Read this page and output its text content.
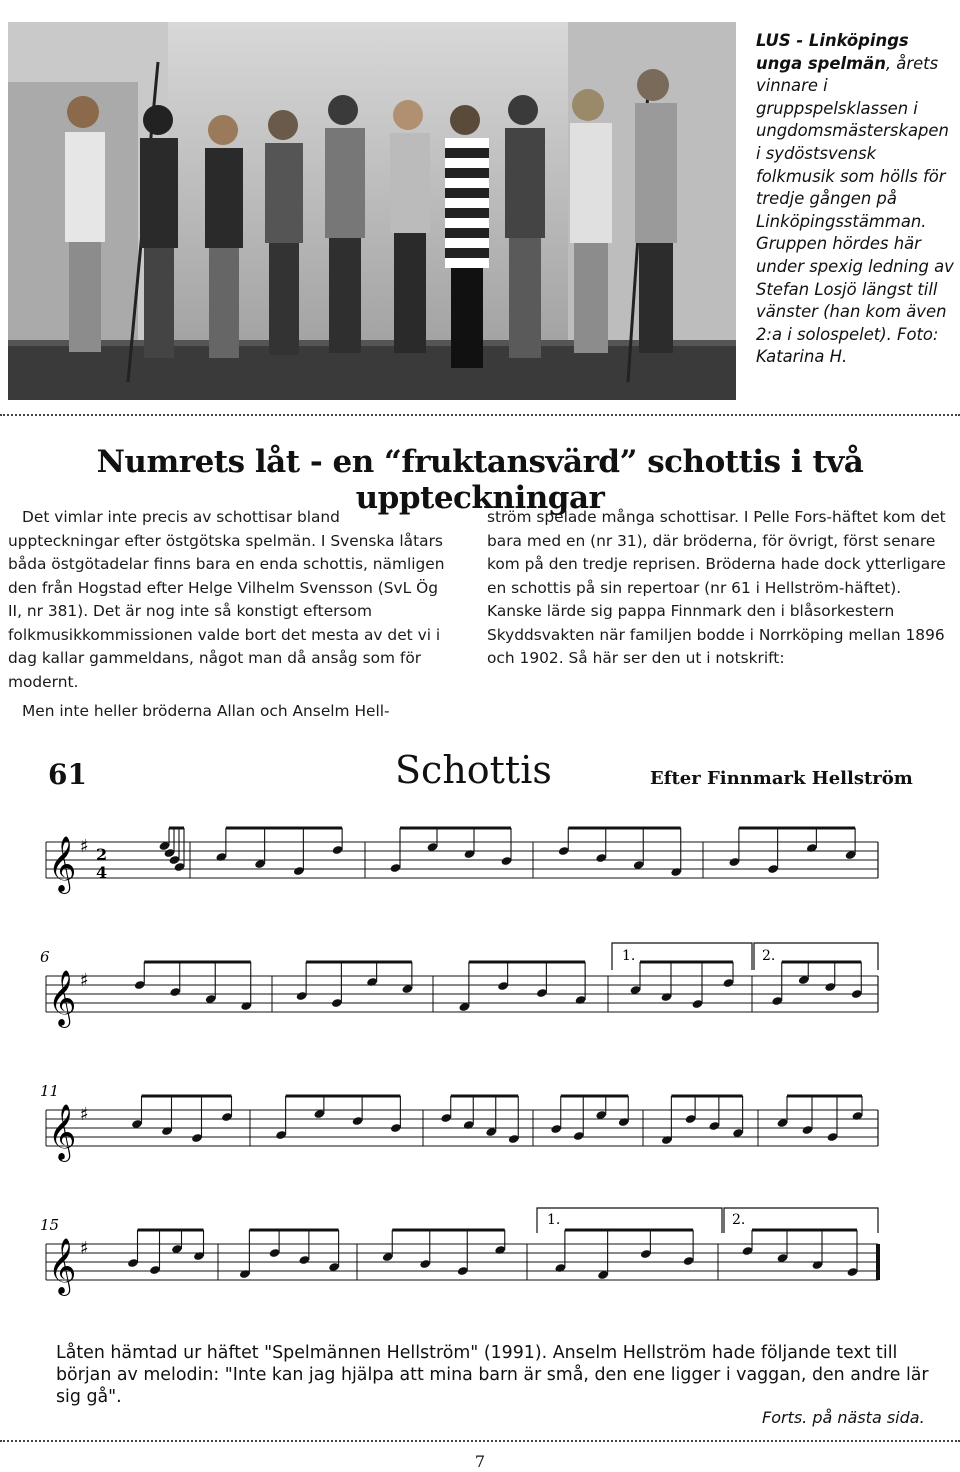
LUS - Linköpings unga spelmän, årets vinnare i gruppspelsklassen i ungdomsmästerskapen i sydöstsvensk folkmusik som hölls för tredje gången på Linköpingsstämman. Gruppen hördes här under spexig ledning av Stefan Losjö längst till vänster (han kom även 2:a i solospelet). Foto: Katarina H.
Numrets låt - en “fruktansvärd” schottis i två uppteckningar

Det vimlar inte precis av schottisar bland uppteckningar efter östgötska spelmän. I Svenska låtars båda östgötadelar finns bara en enda schottis, nämligen den från Hogstad efter Helge Vilhelm Svensson (SvL Ög II, nr 381). Det är nog inte så konstigt eftersom folkmusikkommissionen valde bort det mesta av det vi i dag kallar gammeldans, något man då ansåg som för modernt.

Men inte heller bröderna Allan och Anselm Hell-

ström spelade många schottisar. I Pelle Fors-häftet kom det bara med en (nr 31), där bröderna, för övrigt, först senare kom på den tredje reprisen. Bröderna hade dock ytterligare en schottis på sin repertoar (nr 61 i Hellström-häftet). Kanske lärde sig pappa Finnmark den i blåsorkestern Skyddsvakten när familjen bodde i Norrköping mellan 1896 och 1902. Så här ser den ut i notskrift:

61	Schottis	Efter Finnmark Hellström
𝄞 ♯
𝄞 ♯
𝄞 ♯
𝄞 ♯
6
11
15
2
4
1.	2.
1.	2.
Låten hämtad ur häftet "Spelmännen Hellström" (1991). Anselm Hellström hade följande text till början av melodin: "Inte kan jag hjälpa att mina barn är små, den ene ligger i vaggan, den andre lär sig gå".
Forts. på nästa sida.
7
